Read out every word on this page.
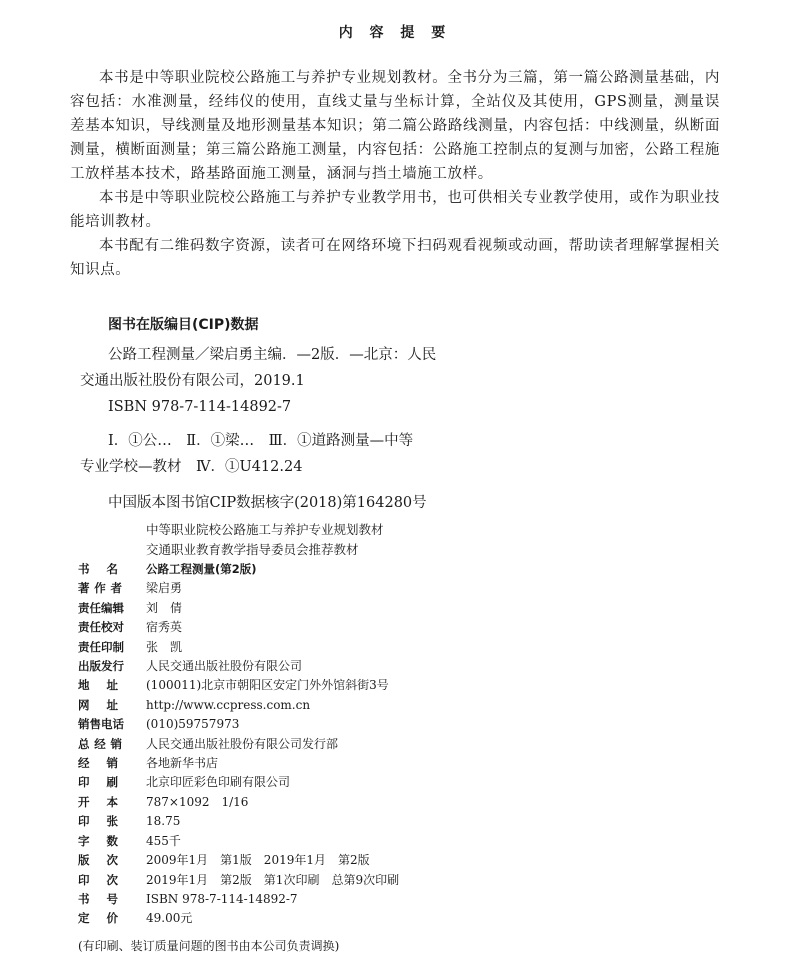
内 容 提 要

本书是中等职业院校公路施工与养护专业规划教材。全书分为三篇，第一篇公路测量基础，内容包括：水准测量，经纬仪的使用，直线丈量与坐标计算，全站仪及其使用，GPS测量，测量误差基本知识，导线测量及地形测量基本知识；第二篇公路路线测量，内容包括：中线测量，纵断面测量，横断面测量；第三篇公路施工测量，内容包括：公路施工控制点的复测与加密，公路工程施工放样基本技术，路基路面施工测量，涵洞与挡土墙施工放样。

本书是中等职业院校公路施工与养护专业教学用书，也可供相关专业教学使用，或作为职业技能培训教材。

本书配有二维码数字资源，读者可在网络环境下扫码观看视频或动画，帮助读者理解掌握相关知识点。

图书在版编目(CIP)数据

公路工程测量／梁启勇主编．—2版．—北京：人民

交通出版社股份有限公司，2019.1

ISBN 978-7-114-14892-7

Ⅰ．①公…　Ⅱ．①梁…　Ⅲ．①道路测量—中等

专业学校—教材　Ⅳ．①U412.24

中国版本图书馆CIP数据核字(2018)第164280号

中等职业院校公路施工与养护专业规划教材

交通职业教育教学指导委员会推荐教材

书 名 公路工程测量(第2版)
著 作 者 梁启勇
责任编辑	刘　倩
责任校对	宿秀英
责任印制	张　凯
出版发行	人民交通出版社股份有限公司
地 址 (100011)北京市朝阳区安定门外外馆斜街3号
网 址 http://www.ccpress.com.cn
销售电话	(010)59757973
总 经 销 人民交通出版社股份有限公司发行部
经 销 各地新华书店
印 刷 北京印匠彩色印刷有限公司
开 本 787×1092　1/16
印 张 18.75
字 数 455千
版 次 2009年1月　第1版　2019年1月　第2版
印 次 2019年1月　第2版　第1次印刷　总第9次印刷
书 号 ISBN 978-7-114-14892-7
定 价 49.00元
(有印刷、装订质量问题的图书由本公司负责调换)
